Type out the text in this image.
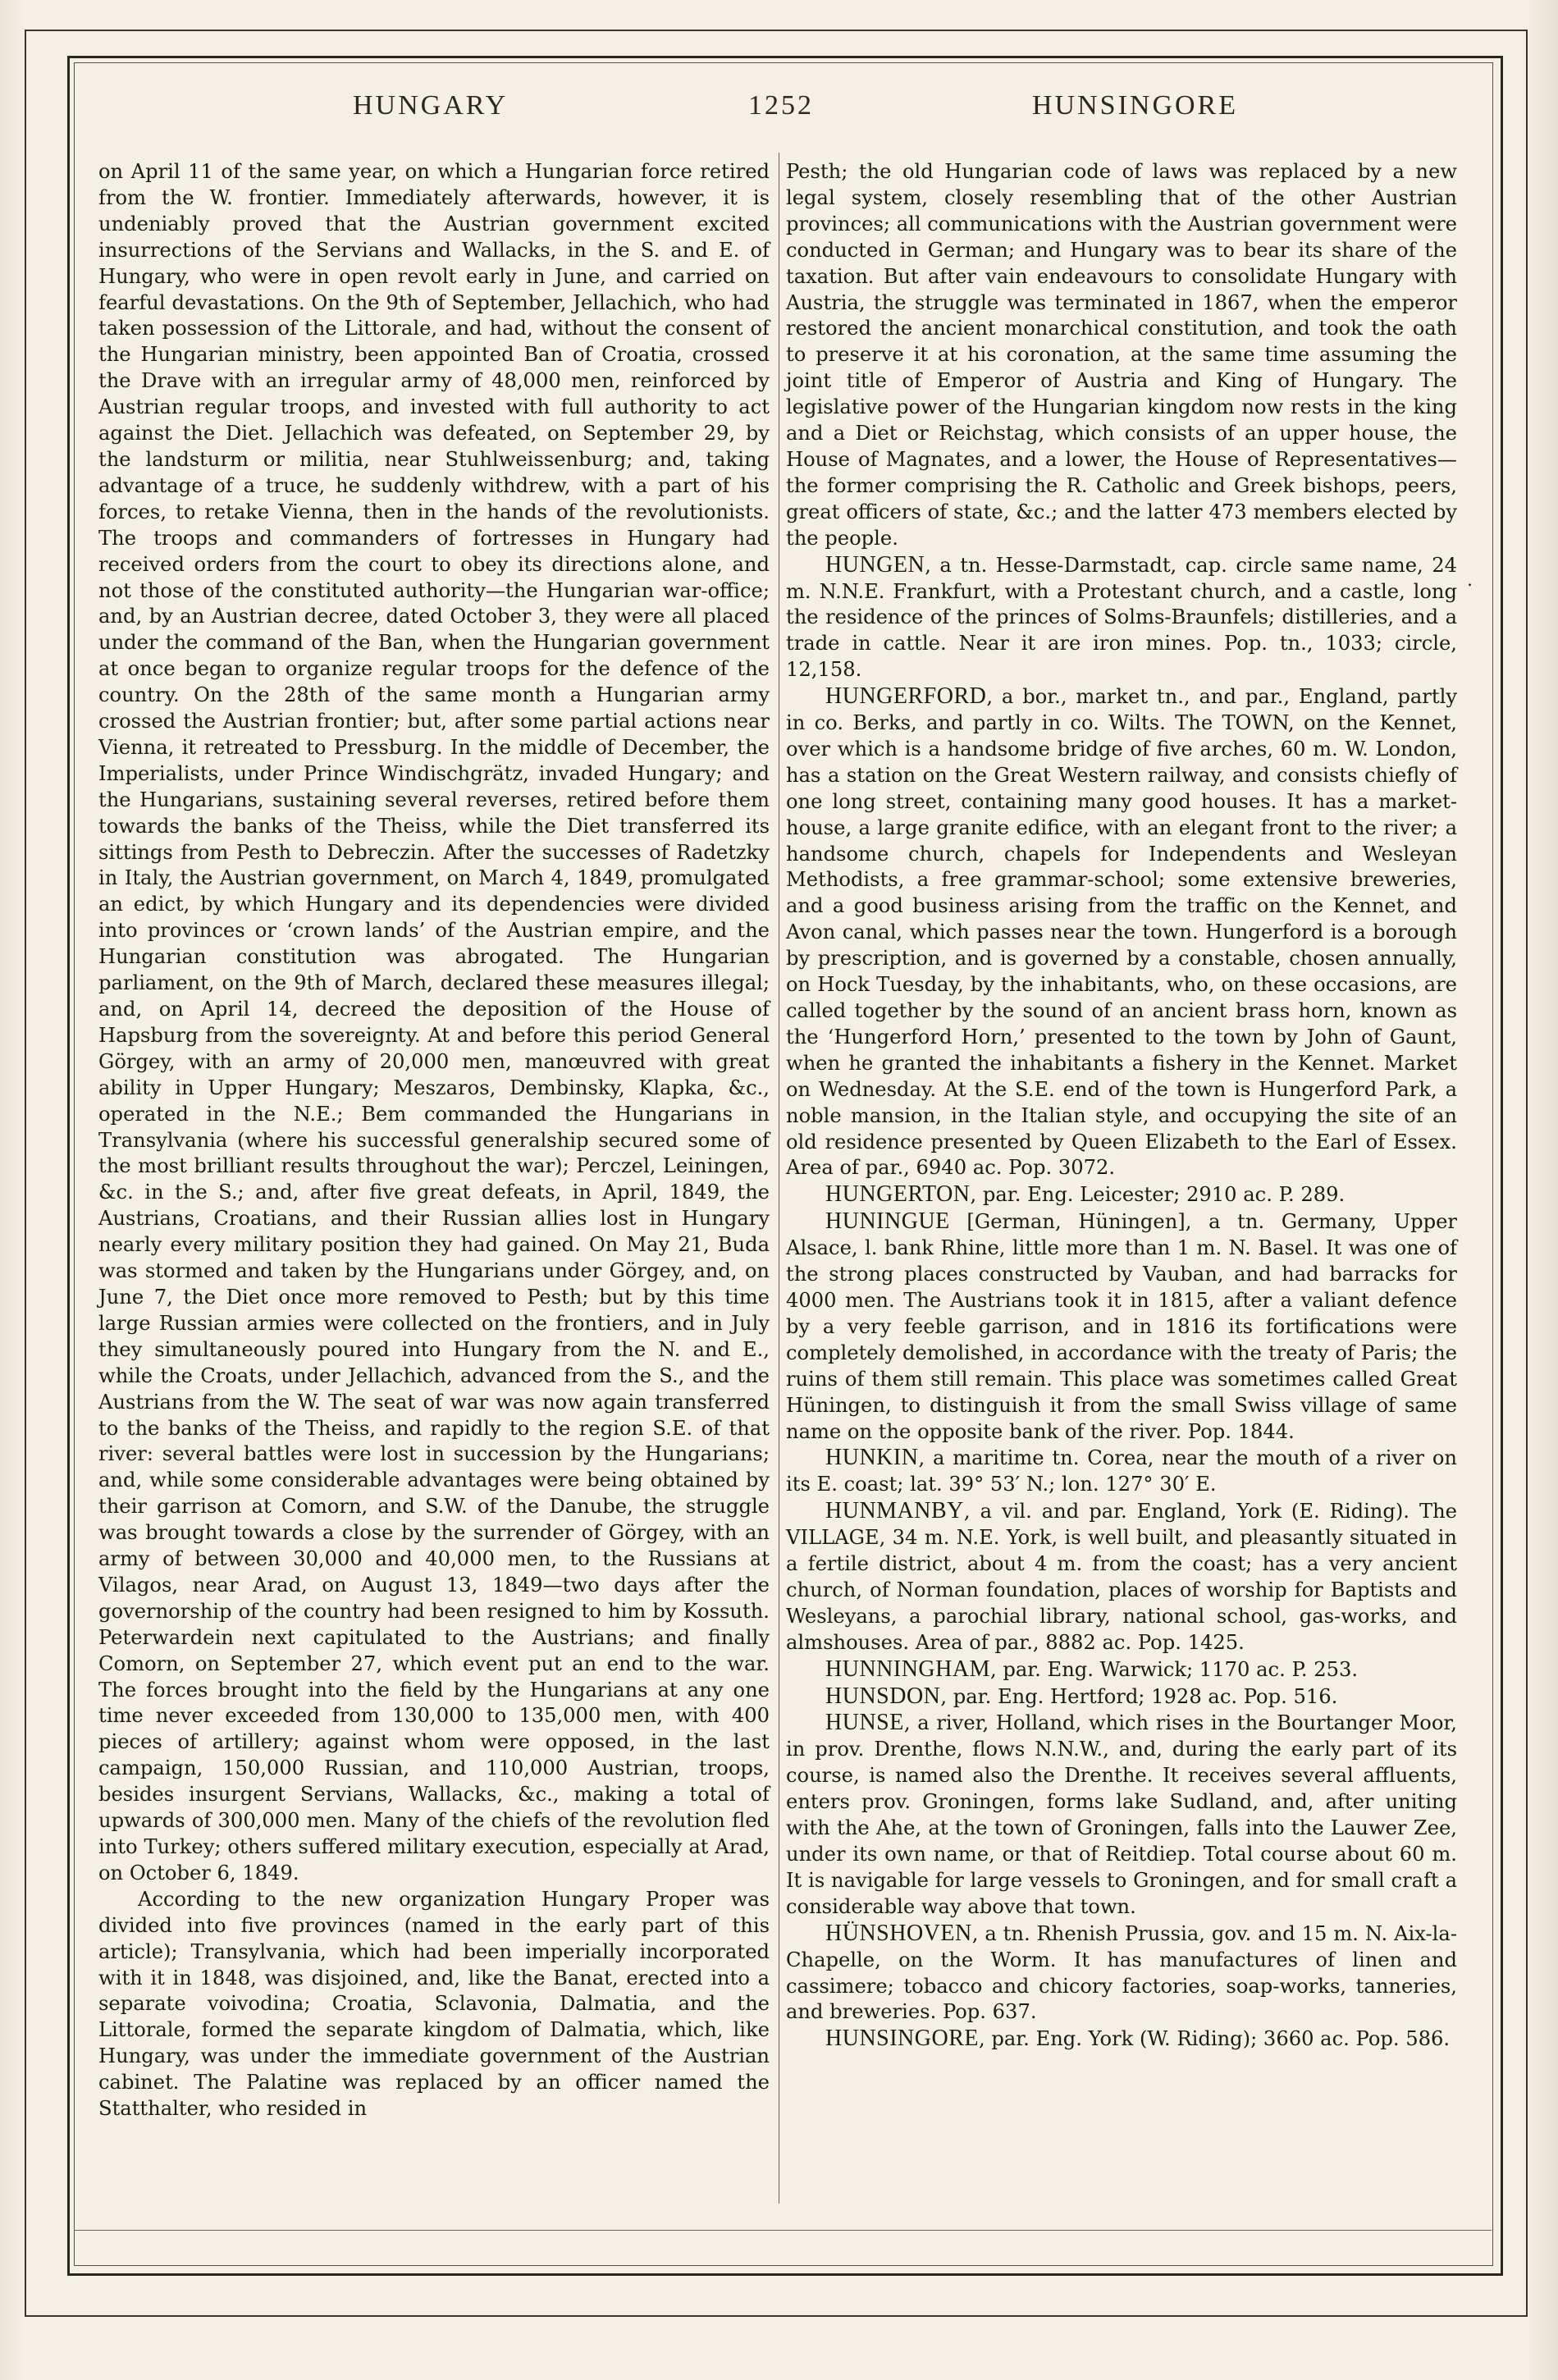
HUNGARY	1252	HUNSINGORE

on April 11 of the same year, on which a Hungarian force retired from the W. frontier. Immediately afterwards, however, it is undeniably proved that the Austrian government excited insurrections of the Servians and Wallacks, in the S. and E. of Hungary, who were in open revolt early in June, and carried on fearful devastations. On the 9th of September, Jellachich, who had taken possession of the Littorale, and had, without the consent of the Hungarian ministry, been appointed Ban of Croatia, crossed the Drave with an irregular army of 48,000 men, reinforced by Austrian regular troops, and invested with full authority to act against the Diet. Jellachich was defeated, on September 29, by the landsturm or militia, near Stuhlweissenburg; and, taking advantage of a truce, he suddenly withdrew, with a part of his forces, to retake Vienna, then in the hands of the revolutionists. The troops and commanders of fortresses in Hungary had received orders from the court to obey its directions alone, and not those of the constituted authority—the Hungarian war-office; and, by an Austrian decree, dated October 3, they were all placed under the command of the Ban, when the Hungarian government at once began to organize regular troops for the defence of the country. On the 28th of the same month a Hungarian army crossed the Austrian frontier; but, after some partial actions near Vienna, it retreated to Pressburg. In the middle of December, the Imperialists, under Prince Windischgrätz, invaded Hungary; and the Hungarians, sustaining several reverses, retired before them towards the banks of the Theiss, while the Diet transferred its sittings from Pesth to Debreczin. After the successes of Radetzky in Italy, the Austrian government, on March 4, 1849, promulgated an edict, by which Hungary and its dependencies were divided into provinces or ‘crown lands’ of the Austrian empire, and the Hungarian constitution was abrogated. The Hungarian parliament, on the 9th of March, declared these measures illegal; and, on April 14, decreed the deposition of the House of Hapsburg from the sovereignty. At and before this period General Görgey, with an army of 20,000 men, manœuvred with great ability in Upper Hungary; Meszaros, Dembinsky, Klapka, &c., operated in the N.E.; Bem commanded the Hungarians in Transylvania (where his successful generalship secured some of the most brilliant results throughout the war); Perczel, Leiningen, &c. in the S.; and, after five great defeats, in April, 1849, the Austrians, Croatians, and their Russian allies lost in Hungary nearly every military position they had gained. On May 21, Buda was stormed and taken by the Hungarians under Görgey, and, on June 7, the Diet once more removed to Pesth; but by this time large Russian armies were collected on the frontiers, and in July they simultaneously poured into Hungary from the N. and E., while the Croats, under Jellachich, advanced from the S., and the Austrians from the W. The seat of war was now again transferred to the banks of the Theiss, and rapidly to the region S.E. of that river: several battles were lost in succession by the Hungarians; and, while some considerable advantages were being obtained by their garrison at Comorn, and S.W. of the Danube, the struggle was brought towards a close by the surrender of Görgey, with an army of between 30,000 and 40,000 men, to the Russians at Vilagos, near Arad, on August 13, 1849—two days after the governorship of the country had been resigned to him by Kossuth. Peterwardein next capitulated to the Austrians; and finally Comorn, on September 27, which event put an end to the war. The forces brought into the field by the Hungarians at any one time never exceeded from 130,000 to 135,000 men, with 400 pieces of artillery; against whom were opposed, in the last campaign, 150,000 Russian, and 110,000 Austrian, troops, besides insurgent Servians, Wallacks, &c., making a total of upwards of 300,000 men. Many of the chiefs of the revolution fled into Turkey; others suffered military execution, especially at Arad, on October 6, 1849.

According to the new organization Hungary Proper was divided into five provinces (named in the early part of this article); Transylvania, which had been imperially incorporated with it in 1848, was disjoined, and, like the Banat, erected into a separate voivodina; Croatia, Sclavonia, Dalmatia, and the Littorale, formed the separate kingdom of Dalmatia, which, like Hungary, was under the immediate government of the Austrian cabinet. The Palatine was replaced by an officer named the Statthalter, who resided in

Pesth; the old Hungarian code of laws was replaced by a new legal system, closely resembling that of the other Austrian provinces; all communications with the Austrian government were conducted in German; and Hungary was to bear its share of the taxation. But after vain endeavours to consolidate Hungary with Austria, the struggle was terminated in 1867, when the emperor restored the ancient monarchical constitution, and took the oath to preserve it at his coronation, at the same time assuming the joint title of Emperor of Austria and King of Hungary. The legislative power of the Hungarian kingdom now rests in the king and a Diet or Reichstag, which consists of an upper house, the House of Magnates, and a lower, the House of Representatives—the former comprising the R. Catholic and Greek bishops, peers, great officers of state, &c.; and the latter 473 members elected by the people.

HUNGEN, a tn. Hesse-Darmstadt, cap. circle same name, 24 m. N.N.E. Frankfurt, with a Protestant church, and a castle, long the residence of the princes of Solms-Braunfels; distilleries, and a trade in cattle. Near it are iron mines. Pop. tn., 1033; circle, 12,158.

HUNGERFORD, a bor., market tn., and par., England, partly in co. Berks, and partly in co. Wilts. The TOWN, on the Kennet, over which is a handsome bridge of five arches, 60 m. W. London, has a station on the Great Western railway, and consists chiefly of one long street, containing many good houses. It has a market-house, a large granite edifice, with an elegant front to the river; a handsome church, chapels for Independents and Wesleyan Methodists, a free grammar-school; some extensive breweries, and a good business arising from the traffic on the Kennet, and Avon canal, which passes near the town. Hungerford is a borough by prescription, and is governed by a constable, chosen annually, on Hock Tuesday, by the inhabitants, who, on these occasions, are called together by the sound of an ancient brass horn, known as the ‘Hungerford Horn,’ presented to the town by John of Gaunt, when he granted the inhabitants a fishery in the Kennet. Market on Wednesday. At the S.E. end of the town is Hungerford Park, a noble mansion, in the Italian style, and occupying the site of an old residence presented by Queen Elizabeth to the Earl of Essex. Area of par., 6940 ac. Pop. 3072.

HUNGERTON, par. Eng. Leicester; 2910 ac. P. 289.

HUNINGUE [German, Hüningen], a tn. Germany, Upper Alsace, l. bank Rhine, little more than 1 m. N. Basel. It was one of the strong places constructed by Vauban, and had barracks for 4000 men. The Austrians took it in 1815, after a valiant defence by a very feeble garrison, and in 1816 its fortifications were completely demolished, in accordance with the treaty of Paris; the ruins of them still remain. This place was sometimes called Great Hüningen, to distinguish it from the small Swiss village of same name on the opposite bank of the river. Pop. 1844.

HUNKIN, a maritime tn. Corea, near the mouth of a river on its E. coast; lat. 39° 53′ N.; lon. 127° 30′ E.

HUNMANBY, a vil. and par. England, York (E. Riding). The VILLAGE, 34 m. N.E. York, is well built, and pleasantly situated in a fertile district, about 4 m. from the coast; has a very ancient church, of Norman foundation, places of worship for Baptists and Wesleyans, a parochial library, national school, gas-works, and almshouses. Area of par., 8882 ac. Pop. 1425.

HUNNINGHAM, par. Eng. Warwick; 1170 ac. P. 253.

HUNSDON, par. Eng. Hertford; 1928 ac. Pop. 516.

HUNSE, a river, Holland, which rises in the Bourtanger Moor, in prov. Drenthe, flows N.N.W., and, during the early part of its course, is named also the Drenthe. It receives several affluents, enters prov. Groningen, forms lake Sudland, and, after uniting with the Ahe, at the town of Groningen, falls into the Lauwer Zee, under its own name, or that of Reitdiep. Total course about 60 m. It is navigable for large vessels to Groningen, and for small craft a considerable way above that town.

HÜNSHOVEN, a tn. Rhenish Prussia, gov. and 15 m. N. Aix-la-Chapelle, on the Worm. It has manufactures of linen and cassimere; tobacco and chicory factories, soap-works, tanneries, and breweries. Pop. 637.

HUNSINGORE, par. Eng. York (W. Riding); 3660 ac. Pop. 586.

.
